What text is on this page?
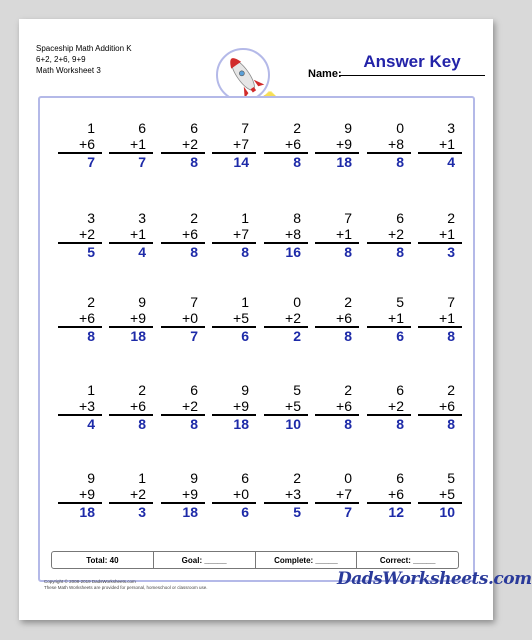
Spaceship Math Addition K
6+2, 2+6, 9+9
Math Worksheet 3	Answer Key
Name:
1
+6
7
6
+1
7
6
+2
8
7
+7
14
2
+6
8
9
+9
18
0
+8
8
3
+1
4
3
+2
5
3
+1
4
2
+6
8
1
+7
8
8
+8
16
7
+1
8
6
+2
8
2
+1
3
2
+6
8
9
+9
18
7
+0
7
1
+5
6
0
+2
2
2
+6
8
5
+1
6
7
+1
8
1
+3
4
2
+6
8
6
+2
8
9
+9
18
5
+5
10
2
+6
8
6
+2
8
2
+6
8
9
+9
18
1
+2
3
9
+9
18
6
+0
6
2
+3
5
0
+7
7
6
+6
12
5
+5
10
Total: 40	Goal: _____	Complete: _____	Correct: _____
Copyright © 2008-2019 DadsWorksheets.com
These Math Worksheets are provided for personal, homeschool or classroom use.	DadsWorksheets.com
